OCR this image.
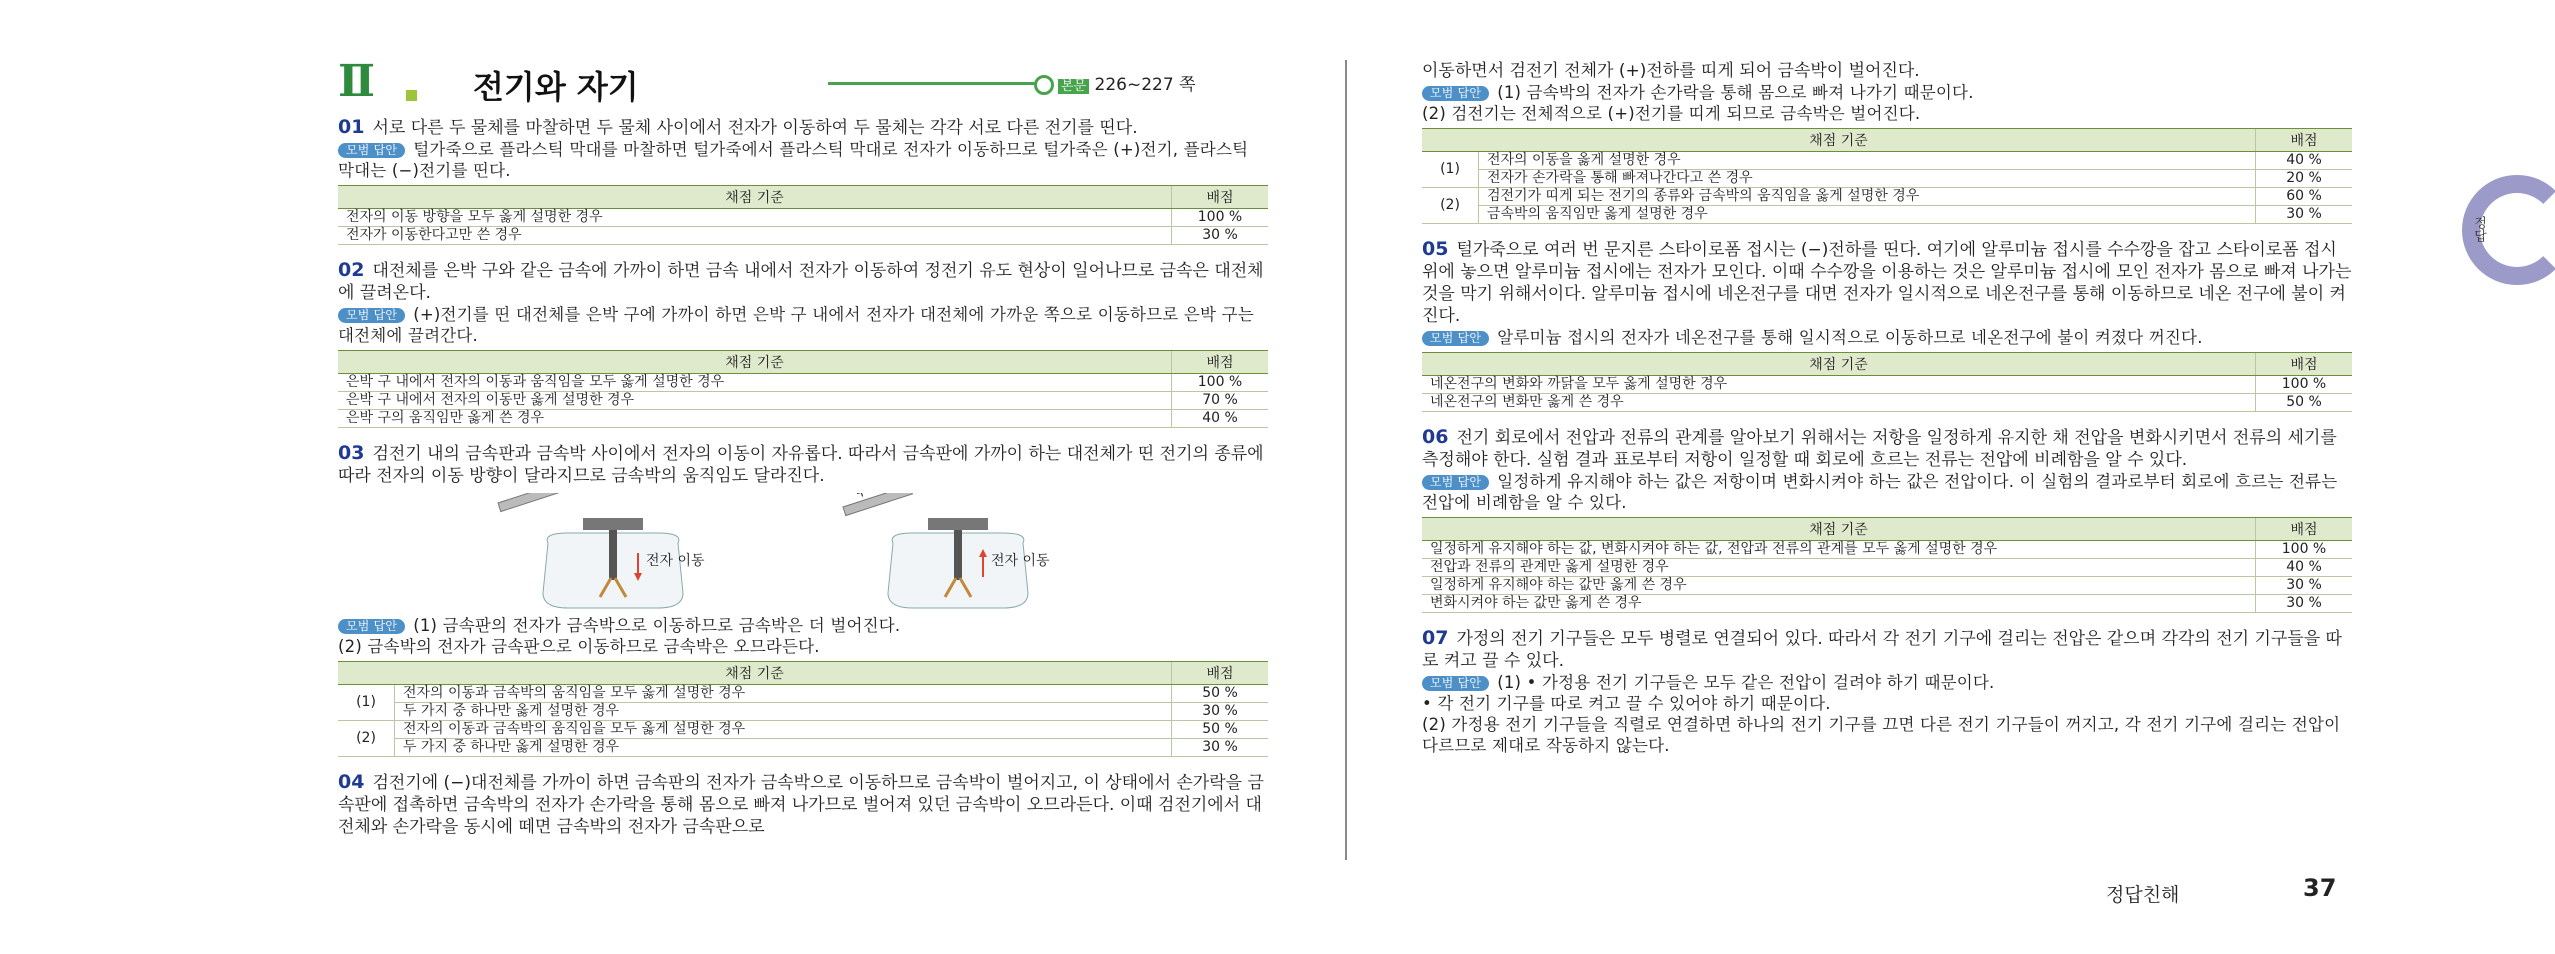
Ⅱ	전기와 자기	본문 226~227 쪽

01 서로 다른 두 물체를 마찰하면 두 물체 사이에서 전자가 이동하여 두 물체는 각각 서로 다른 전기를 띤다.

모범 답안 털가죽으로 플라스틱 막대를 마찰하면 털가죽에서 플라스틱 막대로 전자가 이동하므로 털가죽은 (+)전기, 플라스틱 막대는 (−)전기를 띤다.

채점 기준	배점
전자의 이동 방향을 모두 옳게 설명한 경우	100 %
전자가 이동한다고만 쓴 경우	30 %

02 대전체를 은박 구와 같은 금속에 가까이 하면 금속 내에서 전자가 이동하여 정전기 유도 현상이 일어나므로 금속은 대전체에 끌려온다.

모범 답안 (+)전기를 띤 대전체를 은박 구에 가까이 하면 은박 구 내에서 전자가 대전체에 가까운 쪽으로 이동하므로 은박 구는 대전체에 끌려간다.

채점 기준	배점
은박 구 내에서 전자의 이동과 움직임을 모두 옳게 설명한 경우	100 %
은박 구 내에서 전자의 이동만 옳게 설명한 경우	70 %
은박 구의 움직임만 옳게 쓴 경우	40 %

03 검전기 내의 금속판과 금속박 사이에서 전자의 이동이 자유롭다. 따라서 금속판에 가까이 하는 대전체가 띤 전기의 종류에 따라 전자의 이동 방향이 달라지므로 금속박의 움직임도 달라진다.

전자 이동	전자 이동

모범 답안 (1) 금속판의 전자가 금속박으로 이동하므로 금속박은 더 벌어진다.

(2) 금속박의 전자가 금속판으로 이동하므로 금속박은 오므라든다.

채점 기준		배점
(1)	전자의 이동과 금속박의 움직임을 모두 옳게 설명한 경우	50 %
	두 가지 중 하나만 옳게 설명한 경우	30 %
(2)	전자의 이동과 금속박의 움직임을 모두 옳게 설명한 경우	50 %
	두 가지 중 하나만 옳게 설명한 경우	30 %

04 검전기에 (−)대전체를 가까이 하면 금속판의 전자가 금속박으로 이동하므로 금속박이 벌어지고, 이 상태에서 손가락을 금속판에 접촉하면 금속박의 전자가 손가락을 통해 몸으로 빠져 나가므로 벌어져 있던 금속박이 오므라든다. 이때 검전기에서 대전체와 손가락을 동시에 떼면 금속박의 전자가 금속판으로

이동하면서 검전기 전체가 (+)전하를 띠게 되어 금속박이 벌어진다.

모범 답안 (1) 금속박의 전자가 손가락을 통해 몸으로 빠져 나가기 때문이다.

(2) 검전기는 전체적으로 (+)전기를 띠게 되므로 금속박은 벌어진다.

채점 기준		배점
(1)	전자의 이동을 옳게 설명한 경우	40 %
	전자가 손가락을 통해 빠져나간다고 쓴 경우	20 %
(2)	검전기가 띠게 되는 전기의 종류와 금속박의 움직임을 옳게 설명한 경우	60 %
	금속박의 움직임만 옳게 설명한 경우	30 %

05 털가죽으로 여러 번 문지른 스타이로폼 접시는 (−)전하를 띤다. 여기에 알루미늄 접시를 수수깡을 잡고 스타이로폼 접시 위에 놓으면 알루미늄 접시에는 전자가 모인다. 이때 수수깡을 이용하는 것은 알루미늄 접시에 모인 전자가 몸으로 빠져 나가는 것을 막기 위해서이다. 알루미늄 접시에 네온전구를 대면 전자가 일시적으로 네온전구를 통해 이동하므로 네온 전구에 불이 켜진다.

모범 답안 알루미늄 접시의 전자가 네온전구를 통해 일시적으로 이동하므로 네온전구에 불이 켜졌다 꺼진다.

채점 기준	배점
네온전구의 변화와 까닭을 모두 옳게 설명한 경우	100 %
네온전구의 변화만 옳게 쓴 경우	50 %

06 전기 회로에서 전압과 전류의 관계를 알아보기 위해서는 저항을 일정하게 유지한 채 전압을 변화시키면서 전류의 세기를 측정해야 한다. 실험 결과 표로부터 저항이 일정할 때 회로에 흐르는 전류는 전압에 비례함을 알 수 있다.

모범 답안 일정하게 유지해야 하는 값은 저항이며 변화시켜야 하는 값은 전압이다. 이 실험의 결과로부터 회로에 흐르는 전류는 전압에 비례함을 알 수 있다.

채점 기준	배점
일정하게 유지해야 하는 값, 변화시켜야 하는 값, 전압과 전류의 관계를 모두 옳게 설명한 경우	100 %
전압과 전류의 관계만 옳게 설명한 경우	40 %
일정하게 유지해야 하는 값만 옳게 쓴 경우	30 %
변화시켜야 하는 값만 옳게 쓴 경우	30 %

07 가정의 전기 기구들은 모두 병렬로 연결되어 있다. 따라서 각 전기 기구에 걸리는 전압은 같으며 각각의 전기 기구들을 따로 켜고 끌 수 있다.

모범 답안 (1) • 가정용 전기 기구들은 모두 같은 전압이 걸려야 하기 때문이다.

• 각 전기 기구를 따로 켜고 끌 수 있어야 하기 때문이다.

(2) 가정용 전기 기구들을 직렬로 연결하면 하나의 전기 기구를 끄면 다른 전기 기구들이 꺼지고, 각 전기 기구에 걸리는 전압이 다르므로 제대로 작동하지 않는다.

정답
정답친해	37
